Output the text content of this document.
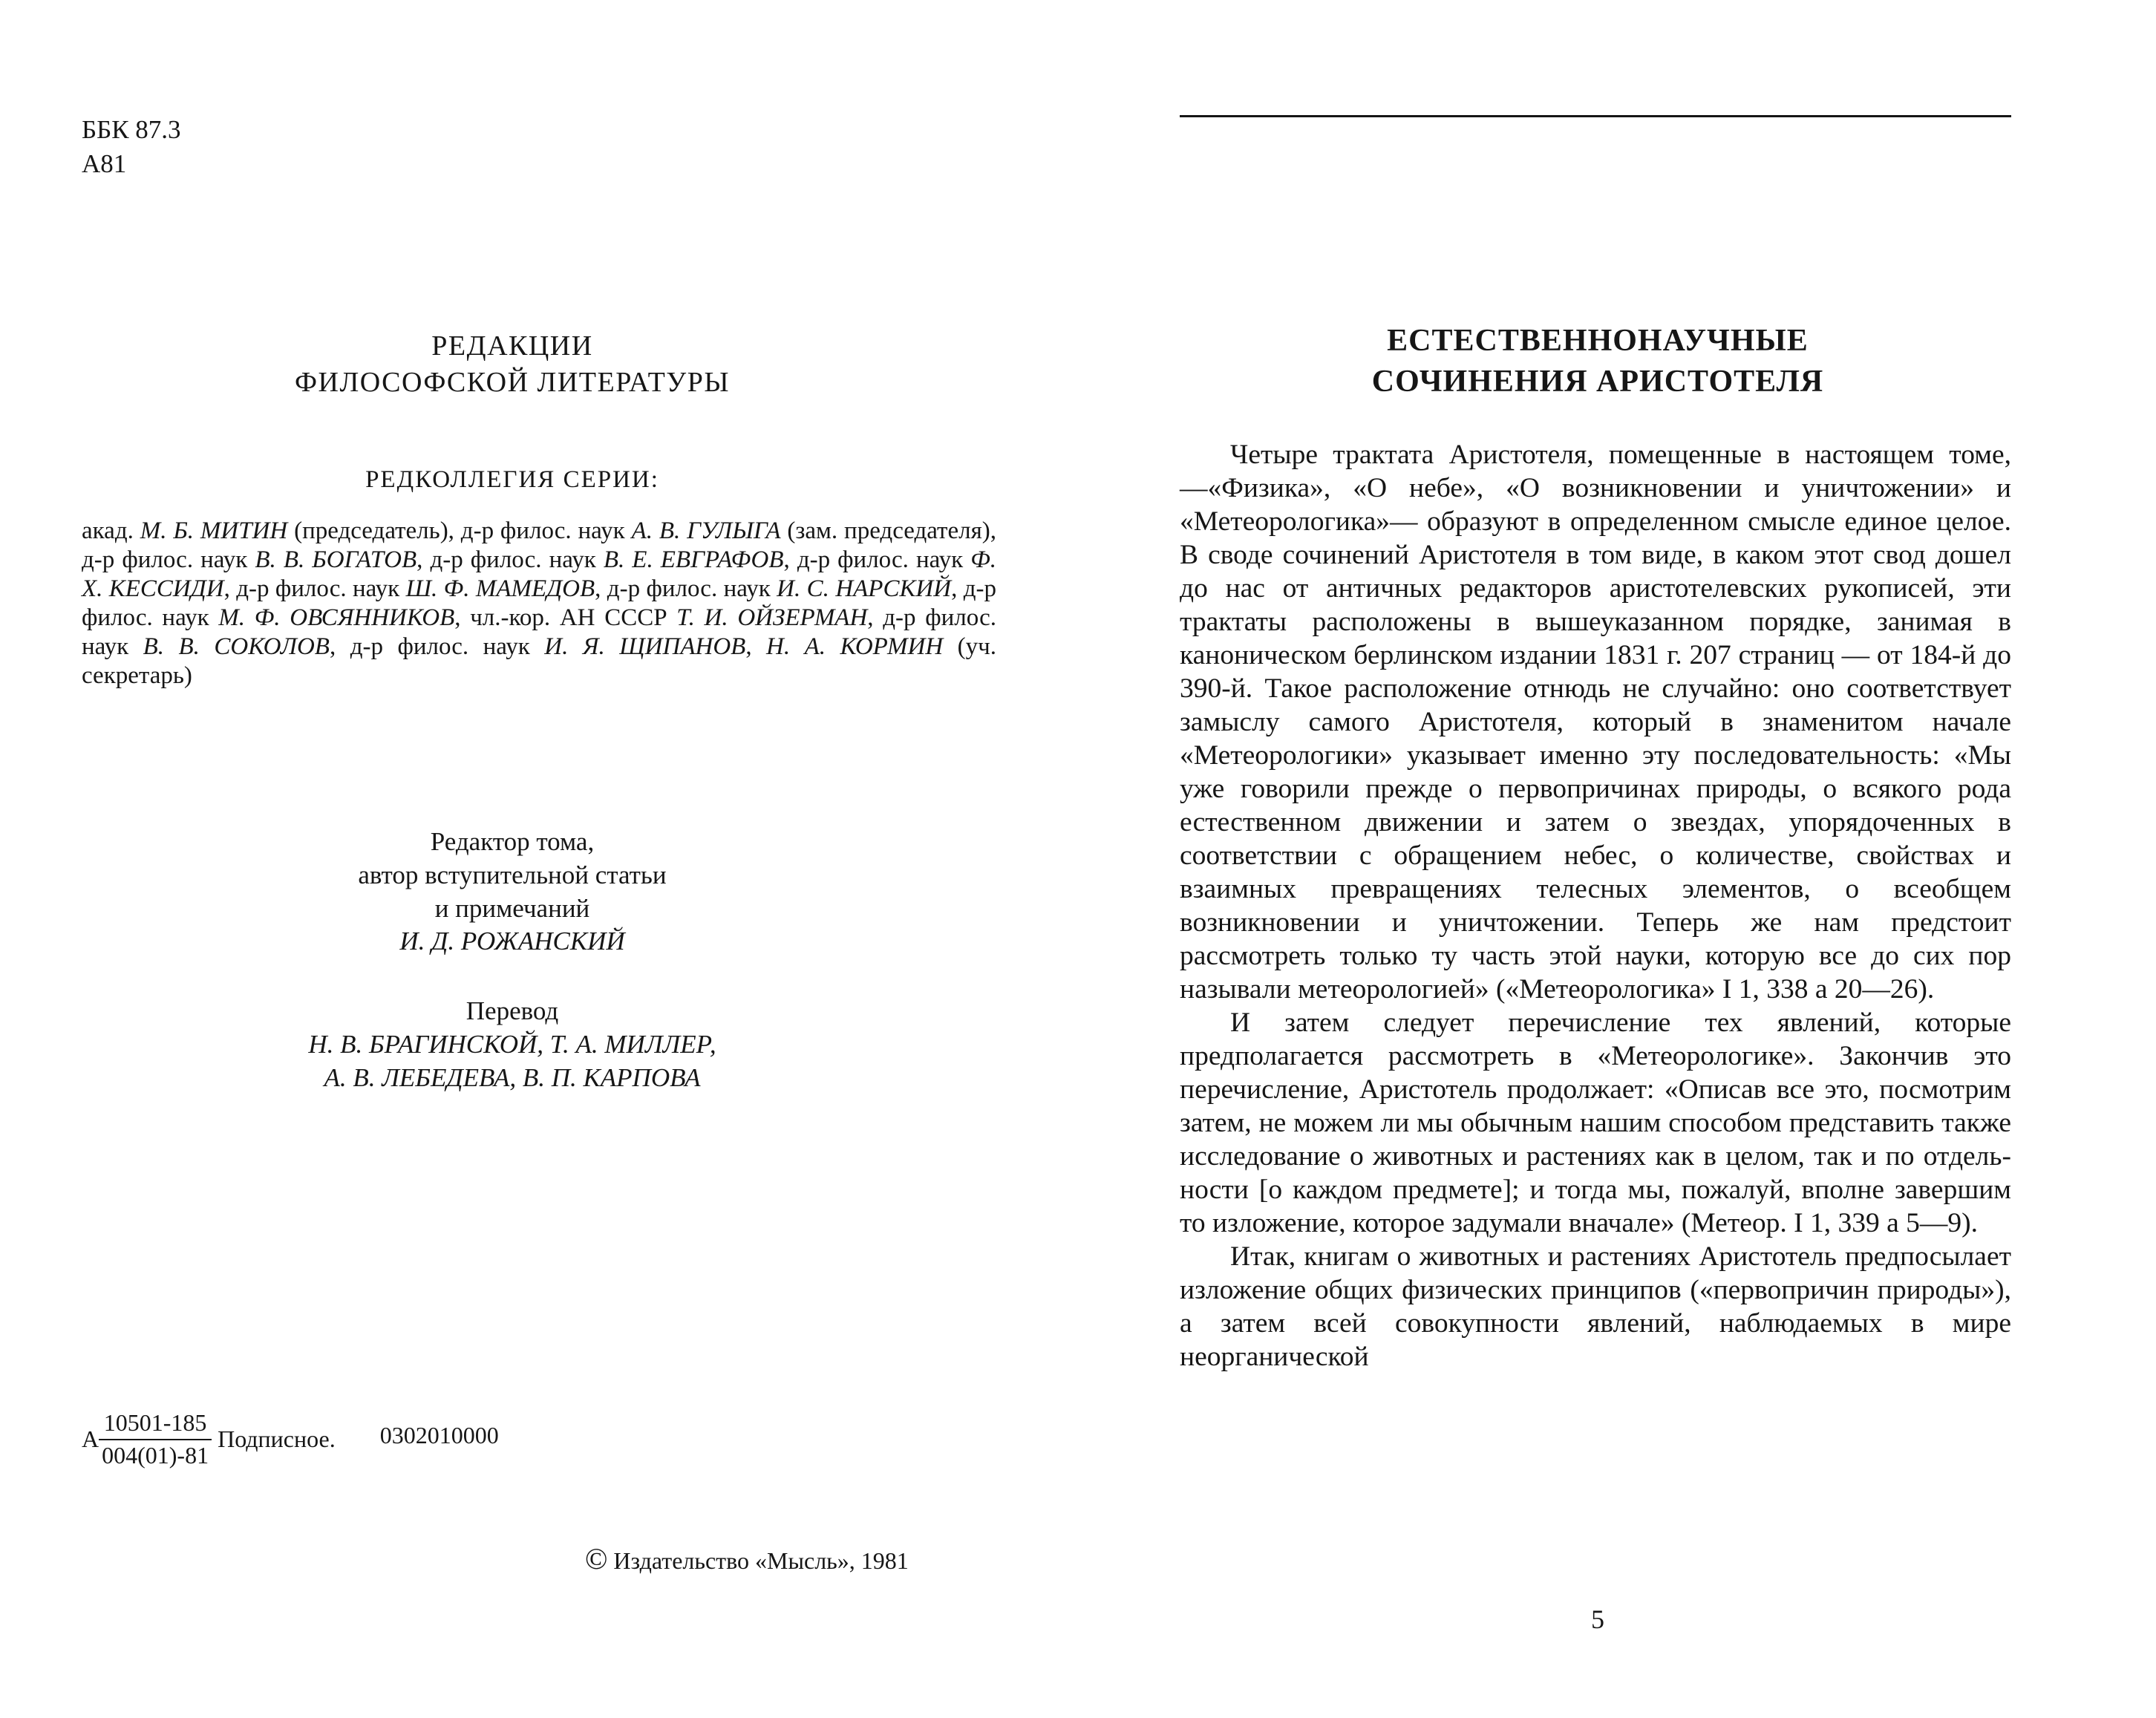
ББК 87.3
А81
РЕДАКЦИИ
ФИЛОСОФСКОЙ ЛИТЕРАТУРЫ
РЕДКОЛЛЕГИЯ СЕРИИ:
акад. М. Б. МИТИН (председатель), д-р филос. наук А. В. ГУЛЫГА (зам. председателя), д-р филос. наук В. В. БОГАТОВ, д-р филос. наук В. Е. ЕВГРАФОВ, д-р филос. наук Ф. Х. КЕССИДИ, д-р филос. наук Ш. Ф. МАМЕДОВ, д-р филос. наук И. С. НАРСКИЙ, д-р филос. наук М. Ф. ОВСЯННИКОВ, чл.-кор. АН СССР Т. И. ОЙЗЕРМАН, д-р филос. наук В. В. СОКОЛОВ, д-р филос. наук И. Я. ЩИПАНОВ, Н. А. КОРМИН (уч. секретарь)
Редактор тома,
автор вступительной статьи
и примечаний
И. Д. РОЖАНСКИЙ
Перевод
Н. В. БРАГИНСКОЙ, Т. А. МИЛЛЕР,
А. В. ЛЕБЕДЕВА, В. П. КАРПОВА
А $\frac{10501-185}{004(01)-81}$ Подписное. 0302010000
© Издательство «Мысль», 1981
ЕСТЕСТВЕННОНАУЧНЫЕ
СОЧИНЕНИЯ АРИСТОТЕЛЯ

Четыре трактата Аристотеля, помещенные в настоящем томе,—«Физика», «О небе», «О возникновении и уничтожении» и «Метеорологика»— образуют в определенном смысле единое целое. В своде сочинений Аристотеля в том виде, в каком этот свод дошел до нас от античных редакторов аристотелевских рукописей, эти трактаты расположены в вышеуказанном порядке, занимая в каноническом берлинском издании 1831 г. 207 страниц — от 184-й до 390-й. Такое расположение отнюдь не случайно: оно соответствует замыслу самого Аристотеля, который в знаменитом начале «Метеорологики» указывает именно эту последовательность: «Мы уже говорили прежде о первопричинах природы, о всякого рода естественном движении и затем о звездах, упорядоченных в соответствии с обращением небес, о количестве, свойствах и взаимных превращениях телесных элементов, о всеобщем возникновении и уничтожении. Теперь же нам предстоит рассмотреть только ту часть этой науки, которую все до сих пор называли метеорологией» («Метеорологика» I 1, 338 а 20—26).

И затем следует перечисление тех явлений, которые предполагается рассмотреть в «Метеорологике». Закончив это перечисление, Аристотель продолжает: «Описав все это, посмотрим затем, не можем ли мы обычным нашим способом представить также исследование о животных и растениях как в целом, так и по отдельности [о каждом предмете]; и тогда мы, пожалуй, вполне завершим то изложение, которое задумали вначале» (Метеор. I 1, 339 а 5—9).

Итак, книгам о животных и растениях Аристотель предпосылает изложение общих физических принципов («первопричин природы»), а затем всей совокупности явлений, наблюдаемых в мире неорганической

5
